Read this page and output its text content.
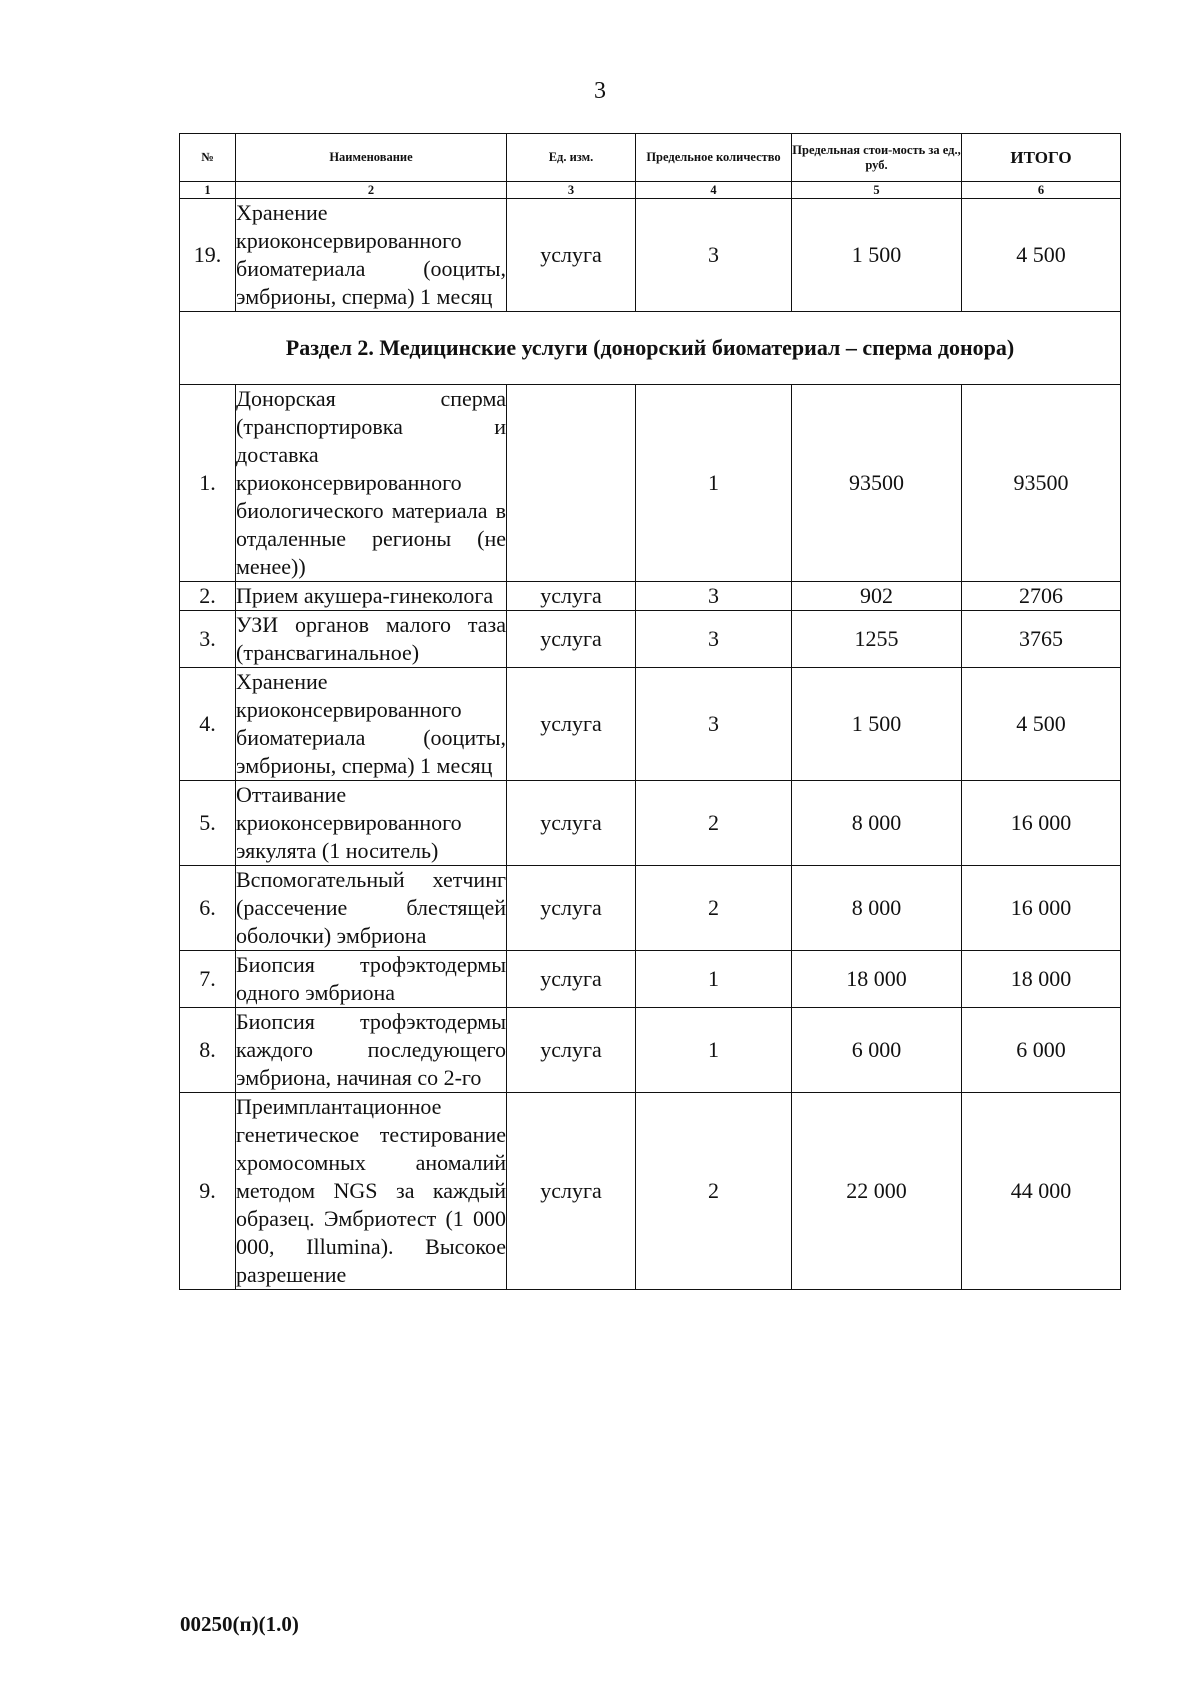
3
№	Наименование	Ед. изм.	Предельное количество	Предельная стои-мость за ед., руб.	ИТОГО
1	2	3	4	5	6
19.	Хранение криоконсервированного биоматериала (ооциты, эмбрионы, сперма) 1 месяц	услуга	3	1 500	4 500
Раздел 2. Медицинские услуги (донорский биоматериал – сперма донора)					
1.	Донорская сперма (транспортировка и доставка криоконсервированного биологического материала в отдаленные регионы (не менее))		1	93500	93500
2.	Прием акушера-гинеколога	услуга	3	902	2706
3.	УЗИ органов малого таза (трансвагинальное)	услуга	3	1255	3765
4.	Хранение криоконсервированного биоматериала (ооциты, эмбрионы, сперма) 1 месяц	услуга	3	1 500	4 500
5.	Оттаивание криоконсервированного эякулята (1 носитель)	услуга	2	8 000	16 000
6.	Вспомогательный хетчинг (рассечение блестящей оболочки) эмбриона	услуга	2	8 000	16 000
7.	Биопсия трофэктодермы одного эмбриона	услуга	1	18 000	18 000
8.	Биопсия трофэктодермы каждого последующего эмбриона, начиная со 2-го	услуга	1	6 000	6 000
9.	Преимплантационное генетическое тестирование хромосомных аномалий методом NGS за каждый образец. Эмбриотест (1 000 000, Illumina). Высокое разрешение	услуга	2	22 000	44 000
00250(п)(1.0)
